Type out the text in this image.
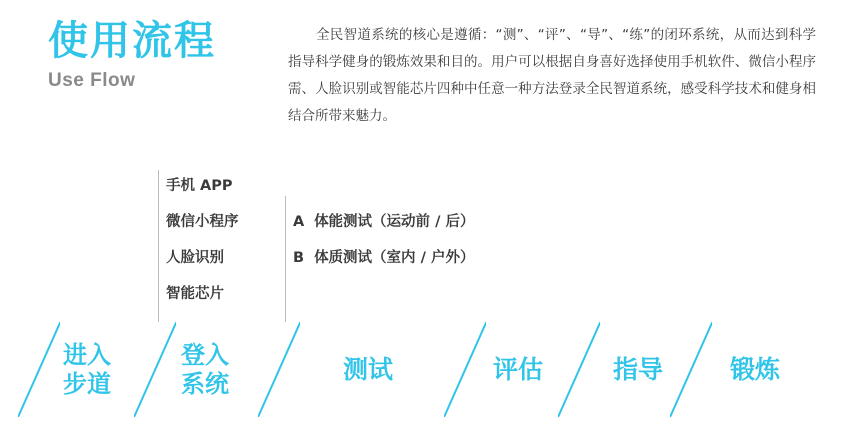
使用流程
Use Flow
全民智道系统的核心是遵循：“测”、“评”、“导”、“练”的闭环系统，从而达到科学指导科学健身的锻炼效果和目的。用户可以根据自身喜好选择使用手机软件、微信小程序需、人脸识别或智能芯片四种中任意一种方法登录全民智道系统，感受科学技术和健身相结合所带来魅力。
手机 APP
微信小程序
人脸识别
智能芯片
A 体能测试（运动前 / 后）
B 体质测试（室内 / 户外）
进入
步道
登入
系统	测试	评估	指导	锻炼
